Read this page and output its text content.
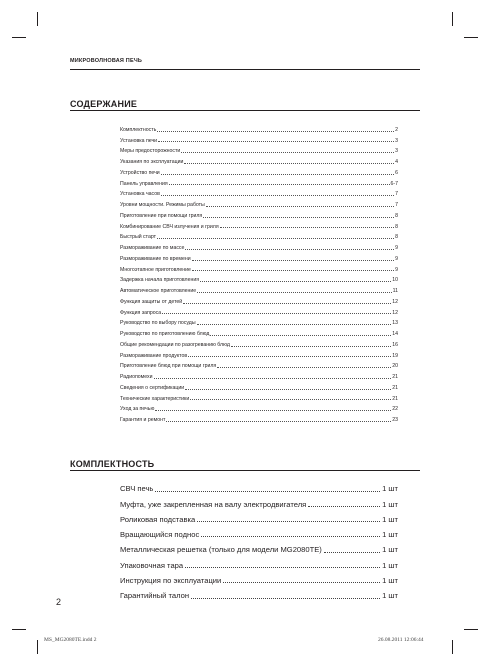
МИКРОВОЛНОВАЯ ПЕЧЬ
СОДЕРЖАНИЕ
Комплектность	2
Установка печи	3
Меры предосторожности	3
Указания по эксплуатации	4
Устройство печи	6
Панель управления	6-7
Установка часов	7
Уровни мощности. Режимы работы	7
Приготовление при помощи гриля	8
Комбинирование СВЧ излучения и гриля	8
Быстрый старт	8
Размораживание по массе	9
Размораживание по времени	9
Многоэтапное приготовление	9
Задержка начала приготовления	10
Автоматическое приготовление	11
Функция защиты от детей	12
Функция запроса	12
Руководство по выбору посуды	13
Руководство по приготовлению блюд	14
Общие рекомендации по разогреванию блюд	16
Размораживание продуктов	19
Приготовление блюд при помощи гриля	20
Радиопомехи	21
Сведения о сертификации	21
Технические характеристики	21
Уход за печью	22
Гарантия и ремонт	23
КОМПЛЕКТНОСТЬ
СВЧ печь	1 шт
Муфта, уже закрепленная на валу электродвигателя	1 шт
Роликовая подставка	1 шт
Вращающийся поднос	1 шт
Металлическая решетка (только для модели MG2080TE)	1 шт
Упаковочная тара	1 шт
Инструкция по эксплуатации	1 шт
Гарантийный талон	1 шт
2
MS_MG2080TE.indd 2	26.08.2011 12:06:44
